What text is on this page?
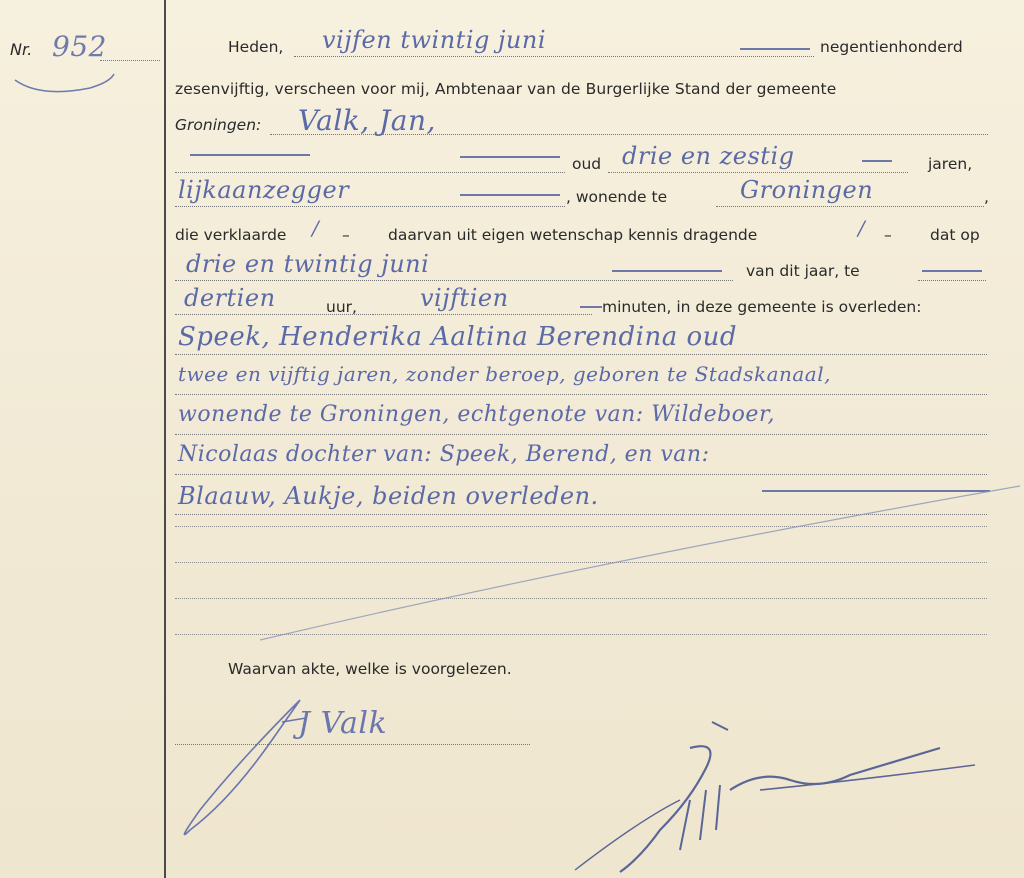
Nr. 952	Heden, vijfen twintig juni	negentienhonderd
zesenvijftig, verscheen voor mij, Ambtenaar van de Burgerlijke Stand der gemeente
Groningen: Valk, Jan,
oud drie en zestig	jaren,
lijkaanzegger	, wonende te	Groningen	,
die verklaarde / – daarvan uit eigen wetenschap kennis dragende	/ – dat op
drie en twintig juni	van dit jaar, te
dertien	uur,	vijftien	minuten, in deze gemeente is overleden:
Speek, Henderika Aaltina Berendina oud
twee en vijftig jaren, zonder beroep, geboren te Stadskanaal,
wonende te Groningen, echtgenote van: Wildeboer,
Nicolaas dochter van: Speek, Berend, en van:
Blaauw, Aukje, beiden overleden.
Waarvan akte, welke is voorgelezen.
J Valk
